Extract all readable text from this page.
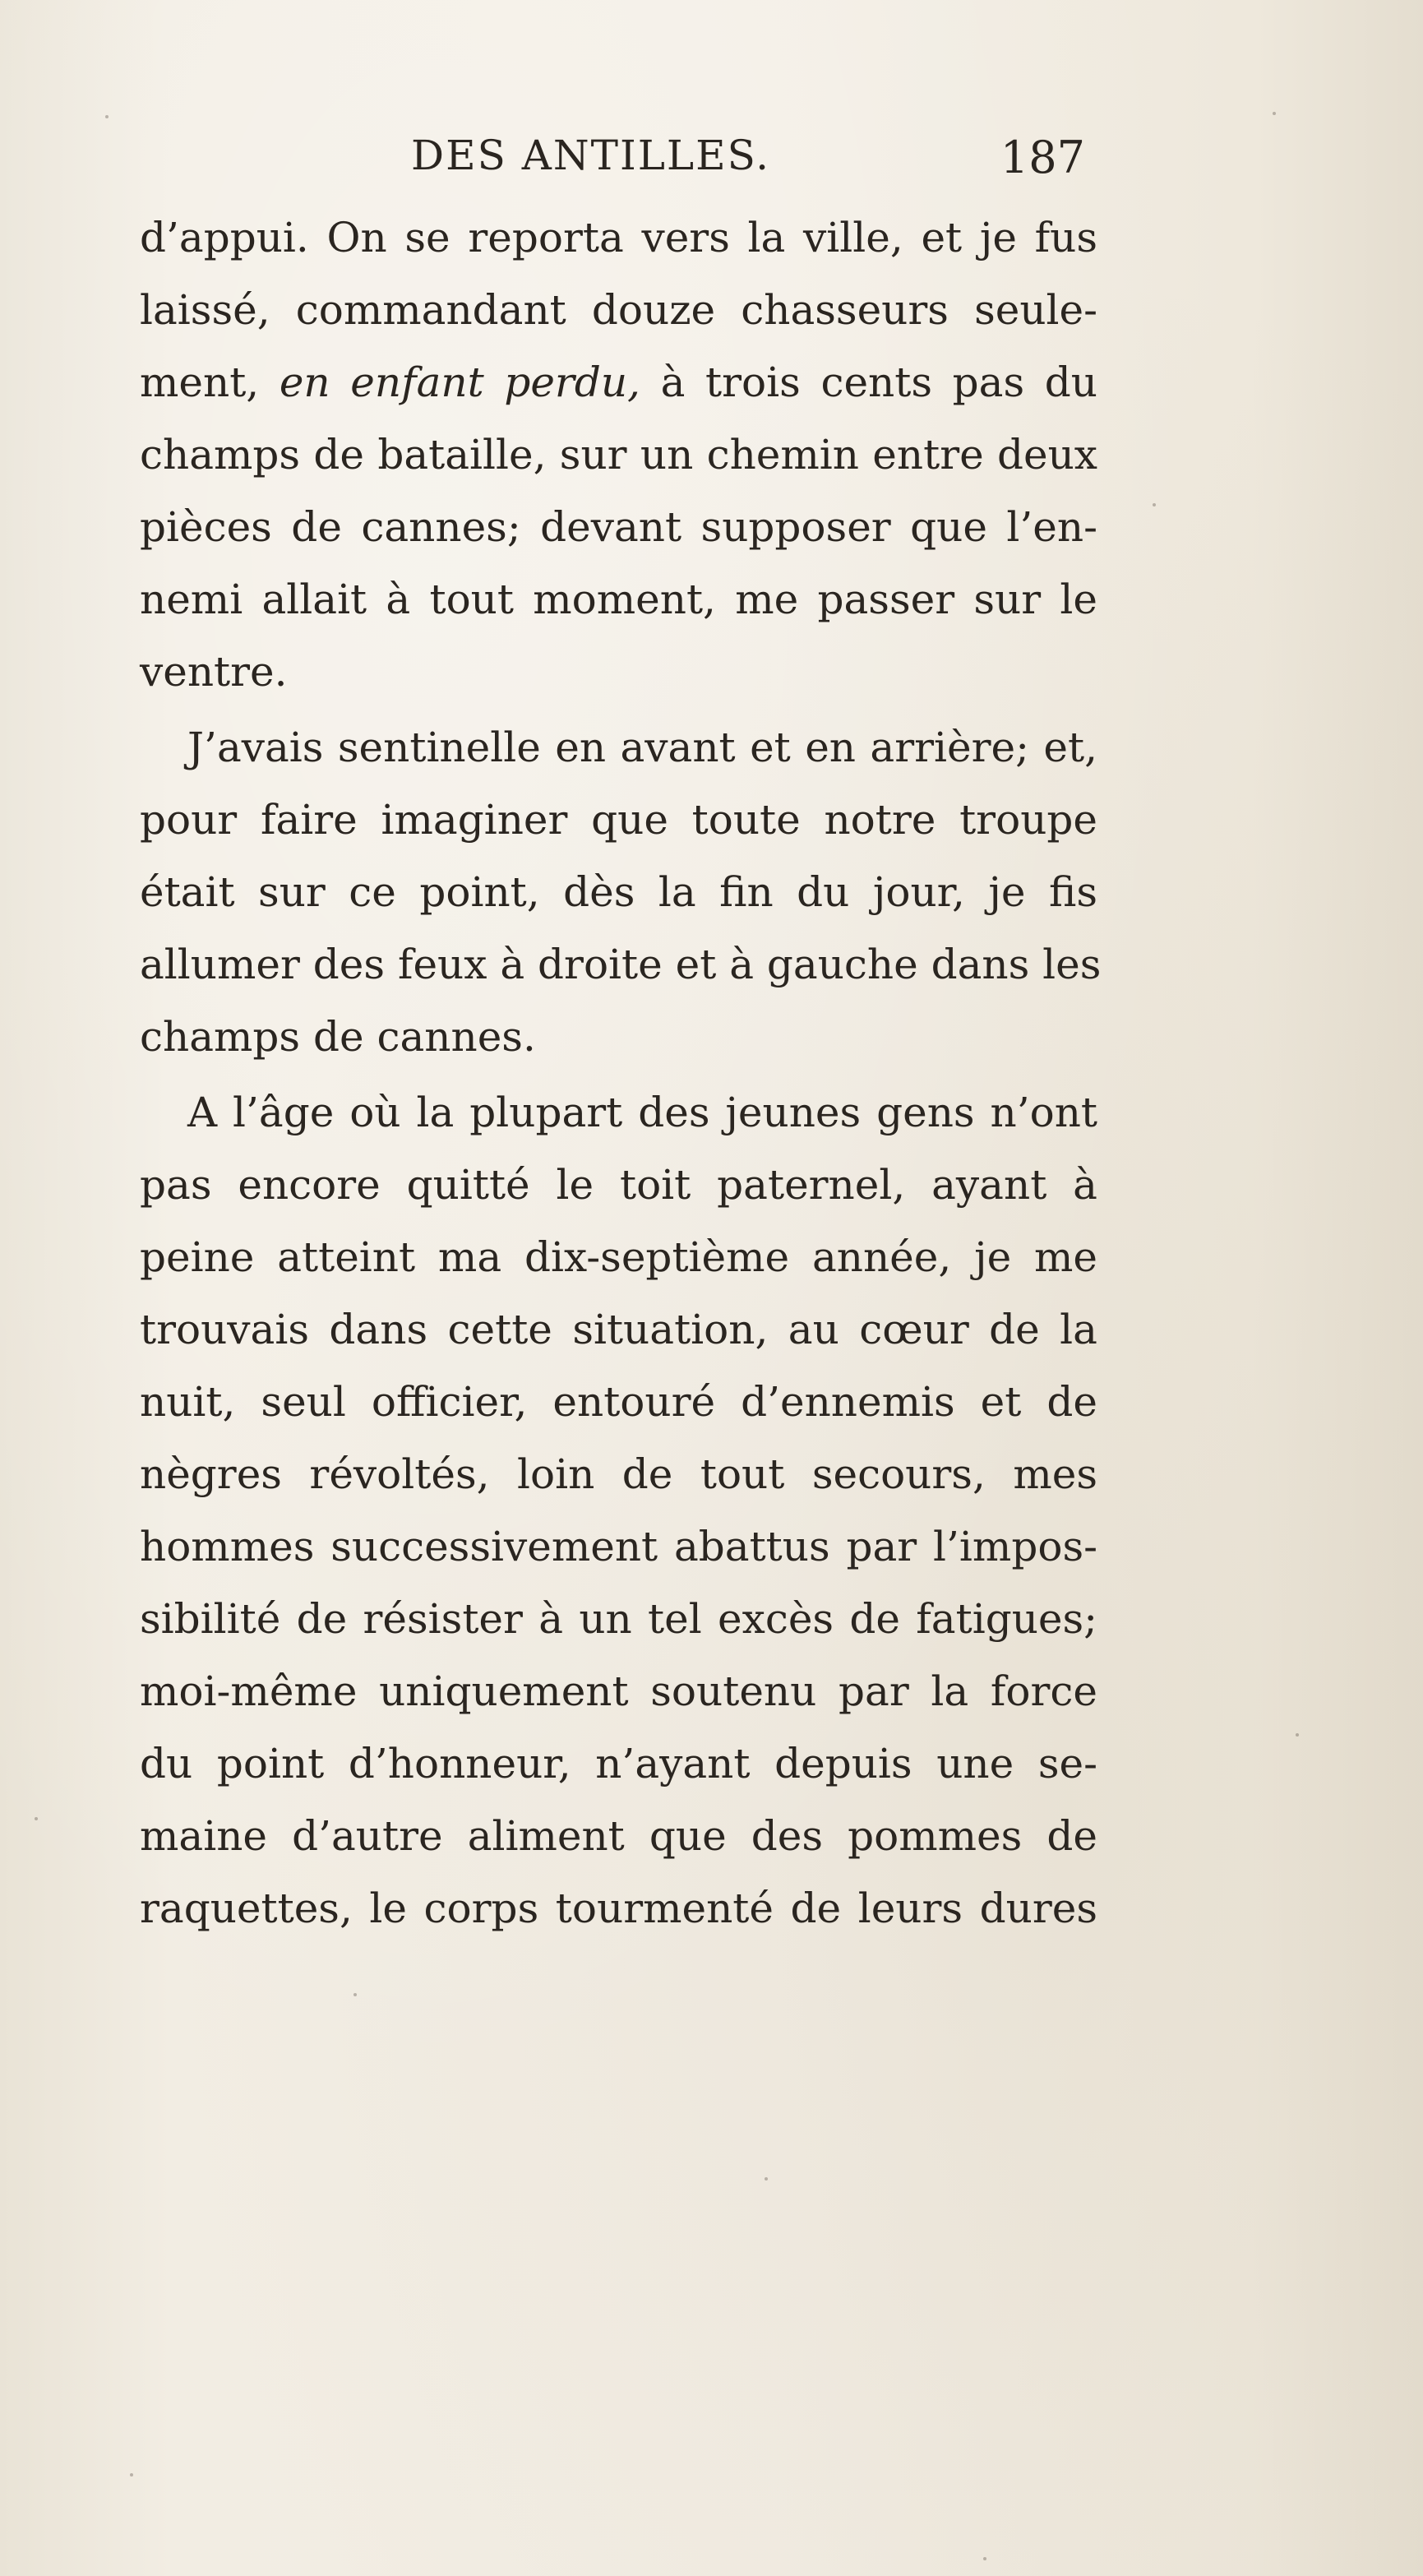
DES ANTILLES.	187
d’appui. On se reporta vers la ville, et je fus
laissé, commandant douze chasseurs seule-
ment, en enfant perdu, à trois cents pas du
champs de bataille, sur un chemin entre deux
pièces de cannes; devant supposer que l’en-
nemi allait à tout moment, me passer sur le
ventre.
J’avais sentinelle en avant et en arrière; et,
pour faire imaginer que toute notre troupe
était sur ce point, dès la fin du jour, je fis
allumer des feux à droite et à gauche dans les
champs de cannes.
A l’âge où la plupart des jeunes gens n’ont
pas encore quitté le toit paternel, ayant à
peine atteint ma dix-septième année, je me
trouvais dans cette situation, au cœur de la
nuit, seul officier, entouré d’ennemis et de
nègres révoltés, loin de tout secours, mes
hommes successivement abattus par l’impos-
sibilité de résister à un tel excès de fatigues;
moi-même uniquement soutenu par la force
du point d’honneur, n’ayant depuis une se-
maine d’autre aliment que des pommes de
raquettes, le corps tourmenté de leurs dures
